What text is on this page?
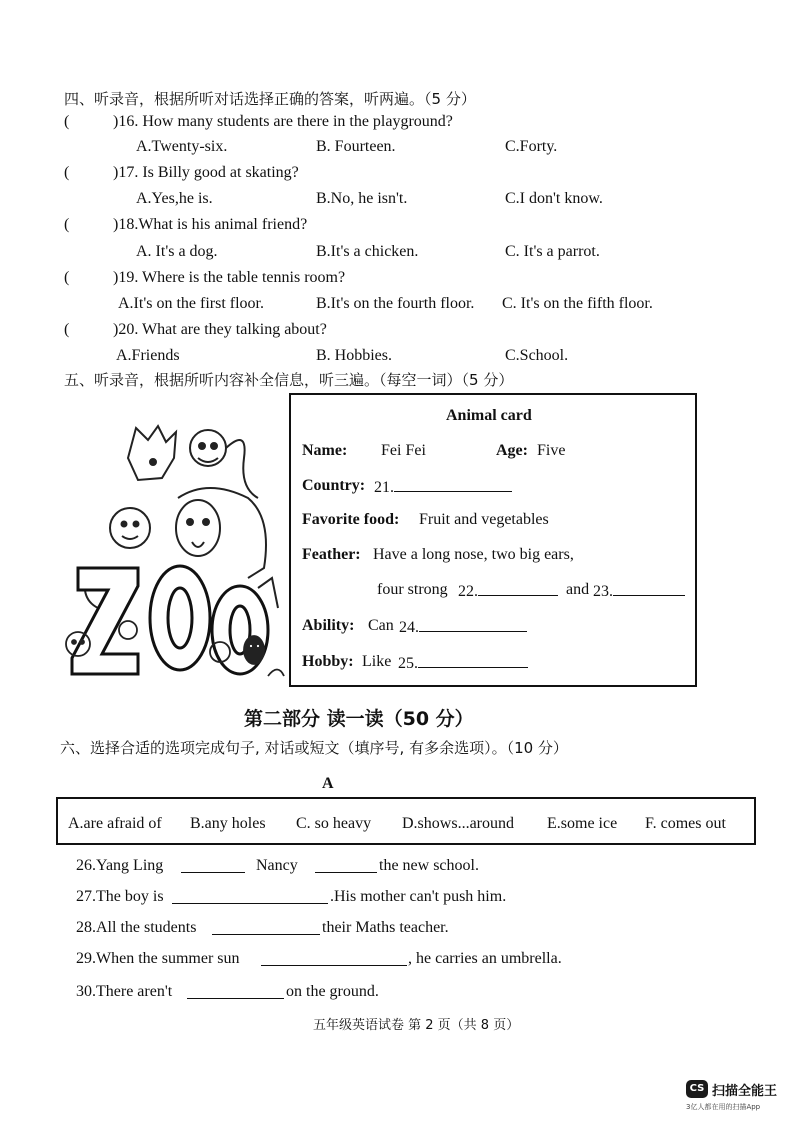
四、听录音，根据所听对话选择正确的答案，听两遍。（5 分）
(	)16. How many students are there in the playground?
A.Twenty-six.	B. Fourteen.	C.Forty.
(	)17. Is Billy good at skating?
A.Yes,he is.	B.No, he isn't.	C.I don't know.
(	)18.What is his animal friend?
A. It's a dog.	B.It's a chicken.	C. It's a parrot.
(	)19. Where is the table tennis room?
A.It's on the first floor.	B.It's on the fourth floor. C. It's on the fifth floor.
(	)20. What are they talking about?
A.Friends	B. Hobbies.	C.School.
五、听录音，根据所听内容补全信息，听三遍。（每空一词）（5 分）
Animal card
Name: Fei Fei	Age: Five
Country: 21.
Favorite food: Fruit and vegetables
Feather: Have a long nose, two big ears,
four strong 22.	and 23.
Ability: Can 24.
Hobby: Like 25.
第二部分 读一读（50 分）
六、选择合适的选项完成句子, 对话或短文（填序号, 有多余选项）。（10 分）
A
A.are afraid of B.any holes C. so heavy D.shows...around E.some ice F. comes out
26.Yang Ling	Nancy	the new school.
27.The boy is	.His mother can't push him.
28.All the students	their Maths teacher.
29.When the summer sun	, he carries an umbrella.
30.There aren't	on the ground.
五年级英语试卷 第 2 页（共 8 页）
CS 扫描全能王
3亿人都在用的扫描App
